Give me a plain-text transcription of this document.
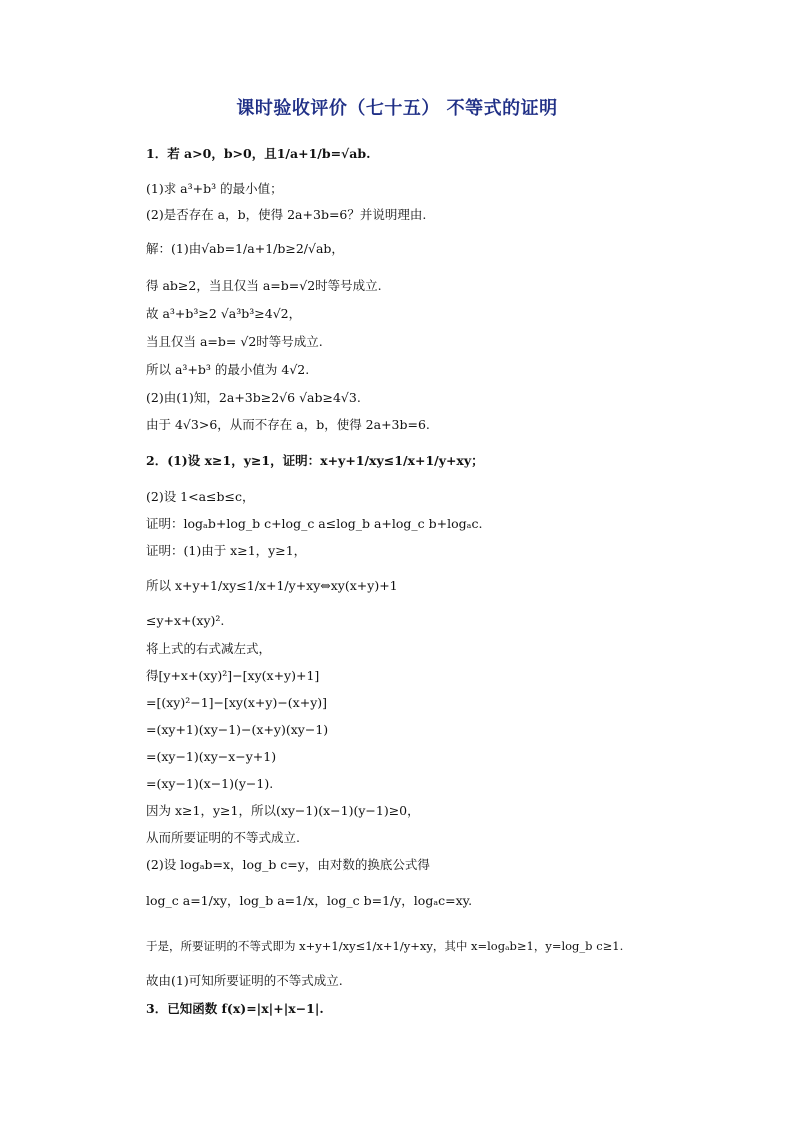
课时验收评价（七十五） 不等式的证明
1．若 a>0，b>0，且1/a+1/b=√ab.
(1)求 a³+b³ 的最小值；
(2)是否存在 a，b，使得 2a+3b=6？并说明理由.
解：(1)由√ab=1/a+1/b≥2/√ab，
得 ab≥2，当且仅当 a=b=√2时等号成立.
故 a³+b³≥2 √a³b³≥4√2，
当且仅当 a=b= √2时等号成立.
所以 a³+b³ 的最小值为 4√2.
(2)由(1)知，2a+3b≥2√6 √ab≥4√3.
由于 4√3>6，从而不存在 a，b，使得 2a+3b=6.
2．(1)设 x≥1，y≥1，证明：x+y+1/xy≤1/x+1/y+xy；
(2)设 1<a≤b≤c，
证明：logₐb+log_b c+log_c a≤log_b a+log_c b+logₐc.
证明：(1)由于 x≥1，y≥1，
所以 x+y+1/xy≤1/x+1/y+xy⇔xy(x+y)+1
≤y+x+(xy)².
将上式的右式减左式，
得[y+x+(xy)²]−[xy(x+y)+1]
=[(xy)²−1]−[xy(x+y)−(x+y)]
=(xy+1)(xy−1)−(x+y)(xy−1)
=(xy−1)(xy−x−y+1)
=(xy−1)(x−1)(y−1).
因为 x≥1，y≥1，所以(xy−1)(x−1)(y−1)≥0，
从而所要证明的不等式成立.
(2)设 logₐb=x，log_b c=y，由对数的换底公式得
log_c a=1/xy，log_b a=1/x，log_c b=1/y，logₐc=xy.
于是，所要证明的不等式即为 x+y+1/xy≤1/x+1/y+xy，其中 x=logₐb≥1，y=log_b c≥1.
故由(1)可知所要证明的不等式成立.
3．已知函数 f(x)=|x|+|x−1|.
